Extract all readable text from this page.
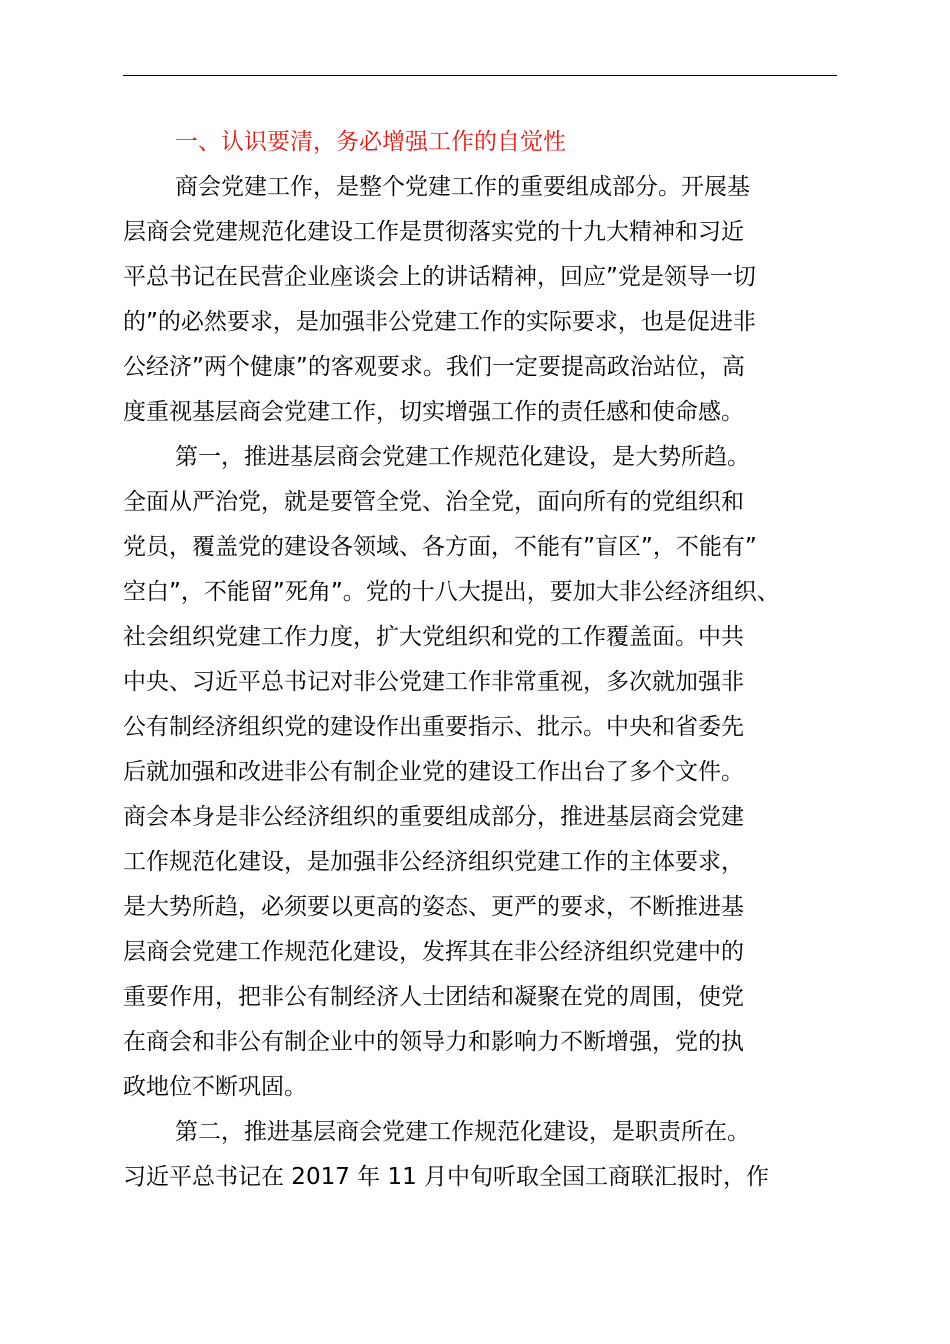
一、认识要清，务必增强工作的自觉性
商会党建工作，是整个党建工作的重要组成部分。开展基
层商会党建规范化建设工作是贯彻落实党的十九大精神和习近
平总书记在民营企业座谈会上的讲话精神，回应”党是领导一切
的”的必然要求，是加强非公党建工作的实际要求，也是促进非
公经济”两个健康”的客观要求。我们一定要提高政治站位，高
度重视基层商会党建工作，切实增强工作的责任感和使命感。
第一，推进基层商会党建工作规范化建设，是大势所趋。
全面从严治党，就是要管全党、治全党，面向所有的党组织和
党员，覆盖党的建设各领域、各方面，不能有”盲区”，不能有”
空白”，不能留”死角”。党的十八大提出，要加大非公经济组织、
社会组织党建工作力度，扩大党组织和党的工作覆盖面。中共
中央、习近平总书记对非公党建工作非常重视，多次就加强非
公有制经济组织党的建设作出重要指示、批示。中央和省委先
后就加强和改进非公有制企业党的建设工作出台了多个文件。
商会本身是非公经济组织的重要组成部分，推进基层商会党建
工作规范化建设，是加强非公经济组织党建工作的主体要求，
是大势所趋，必须要以更高的姿态、更严的要求，不断推进基
层商会党建工作规范化建设，发挥其在非公经济组织党建中的
重要作用，把非公有制经济人士团结和凝聚在党的周围，使党
在商会和非公有制企业中的领导力和影响力不断增强，党的执
政地位不断巩固。
第二，推进基层商会党建工作规范化建设，是职责所在。
习近平总书记在 2017 年 11 月中旬听取全国工商联汇报时，作
